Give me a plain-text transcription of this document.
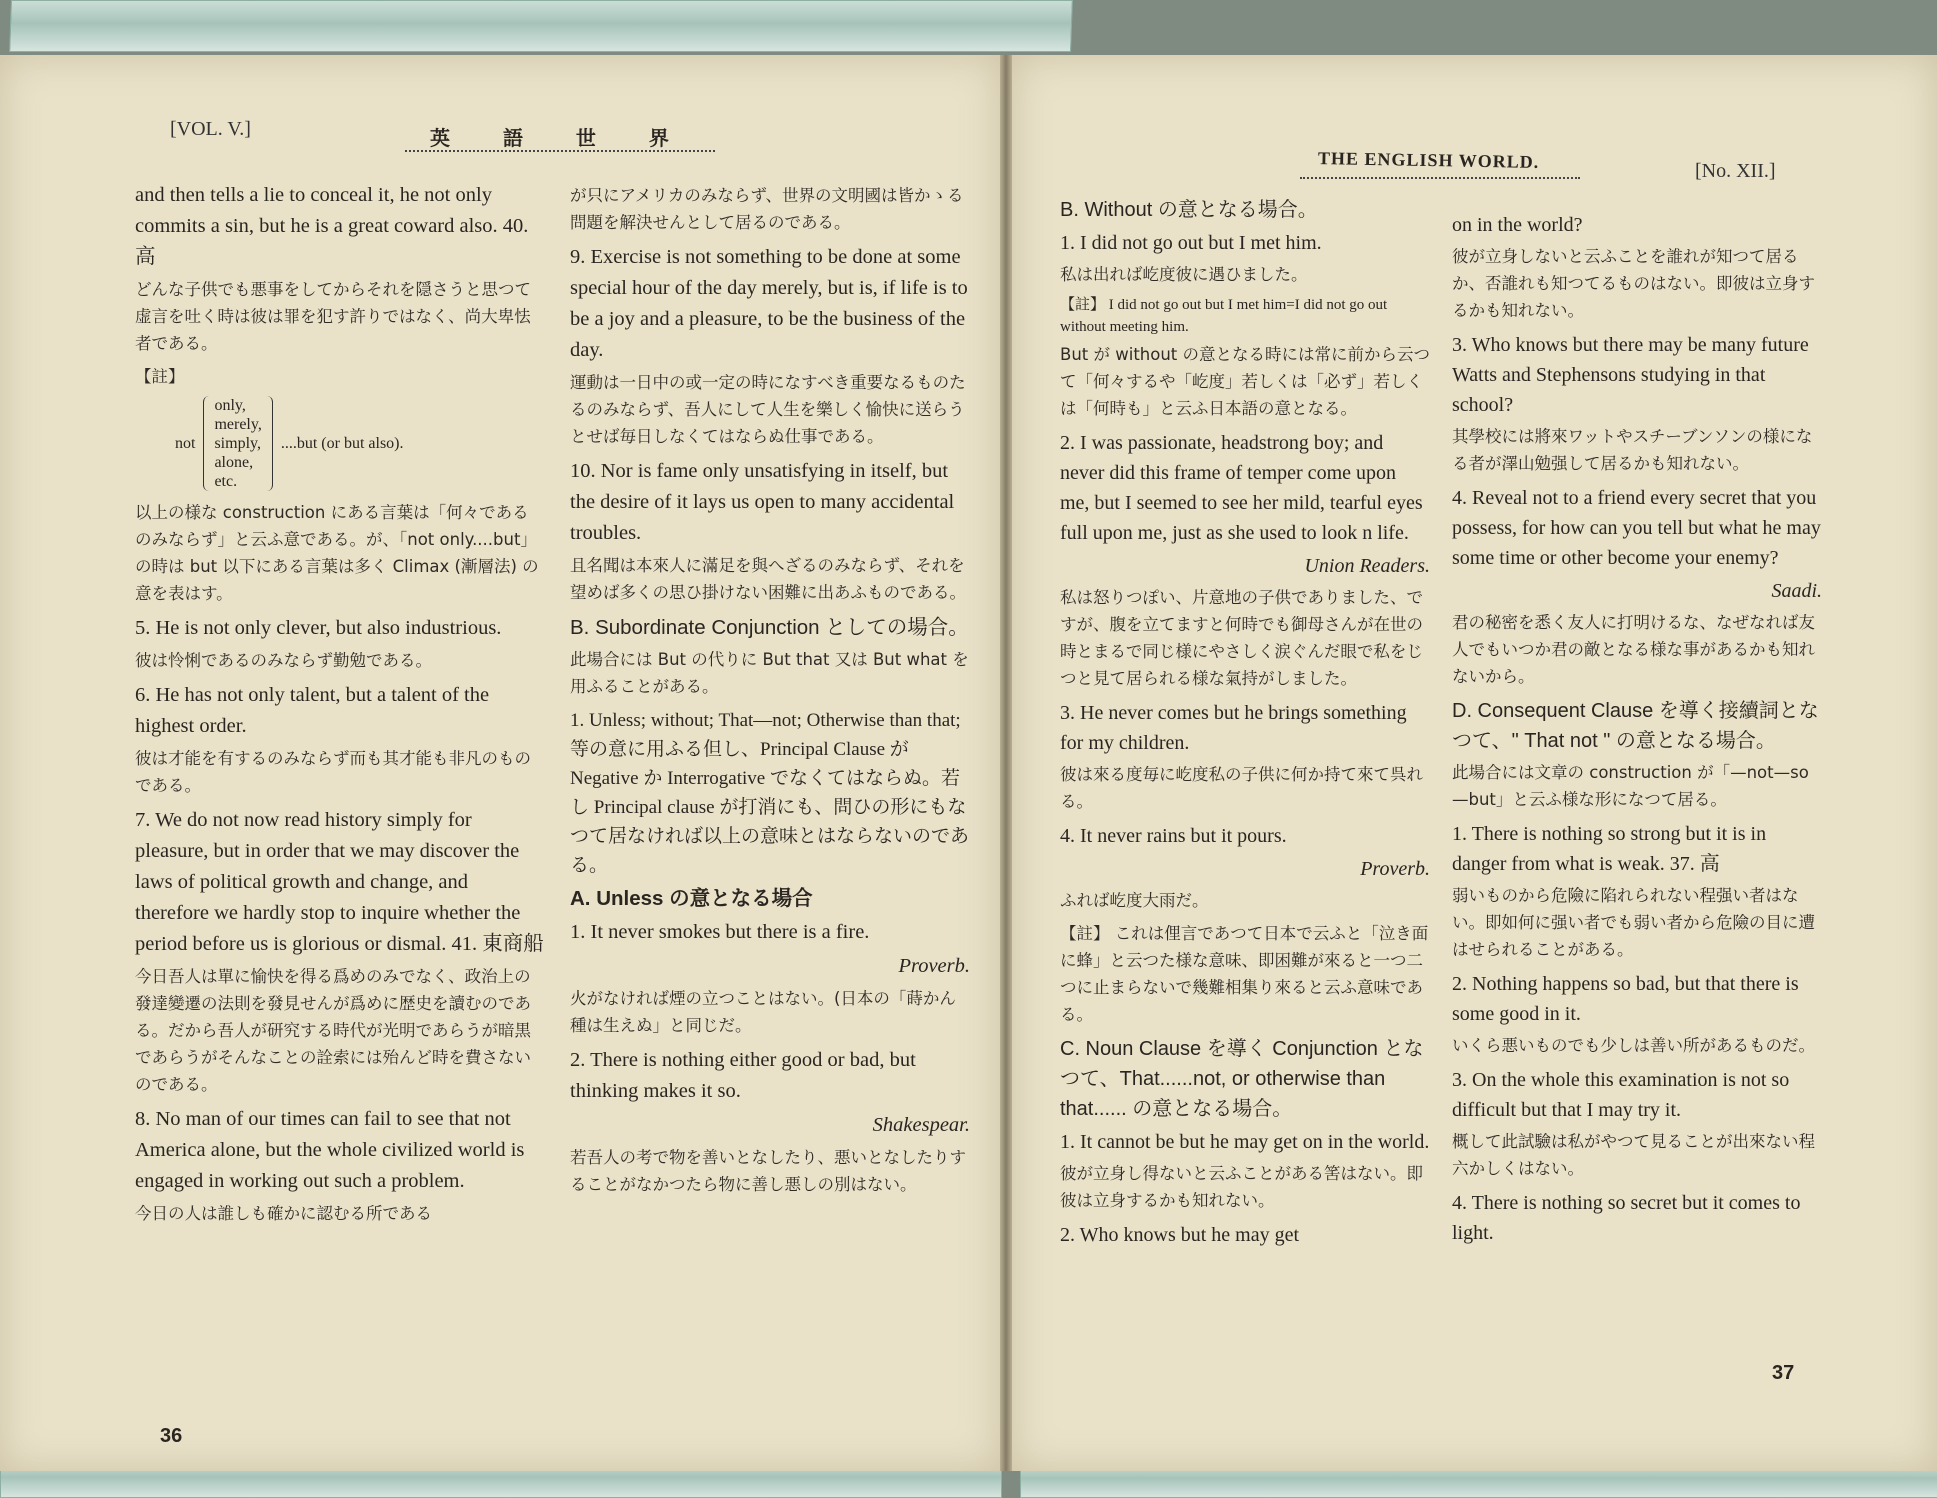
[VOL. V.]	英 語 世 界
THE ENGLISH WORLD.	[No. XII.]

and then tells a lie to conceal it, he not only commits a sin, but he is a great coward also. 40. 高

どんな子供でも悪事をしてからそれを隠さうと思つて虚言を吐く時は彼は罪を犯す許りではなく、尚大卑怯者である。

【註】

not
only,
merely,
simply,
alone,
etc.
....but (or but also).

以上の様な construction にある言葉は「何々であるのみならず」と云ふ意である。が、「not only....but」の時は but 以下にある言葉は多く Climax (漸層法) の意を表はす。

5. He is not only clever, but also industrious.

彼は怜悧であるのみならず勤勉である。

6. He has not only talent, but a talent of the highest order.

彼は才能を有するのみならず而も其才能も非凡のものである。

7. We do not now read history simply for pleasure, but in order that we may discover the laws of political growth and change, and therefore we hardly stop to inquire whether the period before us is glorious or dismal. 41. 東商船

今日吾人は單に愉快を得る爲めのみでなく、政治上の發達變遷の法則を發見せんが爲めに歴史を讀むのである。だから吾人が研究する時代が光明であらうが暗黒であらうがそんなことの詮索には殆んど時を費さないのである。

8. No man of our times can fail to see that not America alone, but the whole civilized world is engaged in working out such a problem.

今日の人は誰しも確かに認むる所である

36

が只にアメリカのみならず、世界の文明國は皆かゝる問題を解決せんとして居るのである。

9. Exercise is not something to be done at some special hour of the day merely, but is, if life is to be a joy and a pleasure, to be the business of the day.

運動は一日中の或一定の時になすべき重要なるものたるのみならず、吾人にして人生を樂しく愉快に送らうとせば毎日しなくてはならぬ仕事である。

10. Nor is fame only unsatisfying in itself, but the desire of it lays us open to many accidental troubles.

且名聞は本來人に滿足を與へざるのみならず、それを望めば多くの思ひ掛けない困難に出あふものである。

B. Subordinate Conjunction としての場合。

此場合には But の代りに But that 又は But what を用ふることがある。

1. Unless; without; That—not; Otherwise than that; 等の意に用ふる但し、Principal Clause が Negative か Interrogative でなくてはならぬ。若し Principal clause が打消にも、問ひの形にもなつて居なければ以上の意味とはならないのである。

A. Unless の意となる場合

1. It never smokes but there is a fire.

Proverb.

火がなければ煙の立つことはない。(日本の「蒔かん種は生えぬ」と同じだ。

2. There is nothing either good or bad, but thinking makes it so.

Shakespear.

若吾人の考で物を善いとなしたり、悪いとなしたりすることがなかつたら物に善し悪しの別はない。

B. Without の意となる場合。

1. I did not go out but I met him.

私は出れば屹度彼に遇ひました。

【註】 I did not go out but I met him=I did not go out without meeting him.

But が without の意となる時には常に前から云つて「何々するや「屹度」若しくは「必ず」若しくは「何時も」と云ふ日本語の意となる。

2. I was passionate, headstrong boy; and never did this frame of temper come upon me, but I seemed to see her mild, tearful eyes full upon me, just as she used to look n life.

Union Readers.

私は怒りつぽい、片意地の子供でありました、ですが、腹を立てますと何時でも御母さんが在世の時とまるで同じ様にやさしく涙ぐんだ眼で私をじつと見て居られる様な氣持がしました。

3. He never comes but he brings something for my children.

彼は來る度毎に屹度私の子供に何か持て來て呉れる。

4. It never rains but it pours.

Proverb.

ふれば屹度大雨だ。

【註】 これは俚言であつて日本で云ふと「泣き面に蜂」と云つた様な意味、即困難が來ると一つ二つに止まらないで幾難相集り來ると云ふ意味である。

C. Noun Clause を導く Conjunction となつて、That......not, or otherwise than that...... の意となる場合。

1. It cannot be but he may get on in the world.

彼が立身し得ないと云ふことがある筈はない。即彼は立身するかも知れない。

2. Who knows but he may get

on in the world?

彼が立身しないと云ふことを誰れが知つて居るか、否誰れも知つてるものはない。即彼は立身するかも知れない。

3. Who knows but there may be many future Watts and Stephensons studying in that school?

其學校には將來ワットやスチーブンソンの様になる者が澤山勉强して居るかも知れない。

4. Reveal not to a friend every secret that you possess, for how can you tell but what he may some time or other become your enemy?

Saadi.

君の秘密を悉く友人に打明けるな、なぜなれば友人でもいつか君の敵となる様な事があるかも知れないから。

D. Consequent Clause を導く接續詞となつて、" That not " の意となる場合。

此場合には文章の construction が「—not—so—but」と云ふ様な形になつて居る。

1. There is nothing so strong but it is in danger from what is weak. 37. 高

弱いものから危險に陷れられない程强い者はない。即如何に强い者でも弱い者から危險の目に遭はせられることがある。

2. Nothing happens so bad, but that there is some good in it.

いくら悪いものでも少しは善い所があるものだ。

3. On the whole this examination is not so difficult but that I may try it.

概して此試驗は私がやつて見ることが出來ない程六かしくはない。

4. There is nothing so secret but it comes to light.

37
